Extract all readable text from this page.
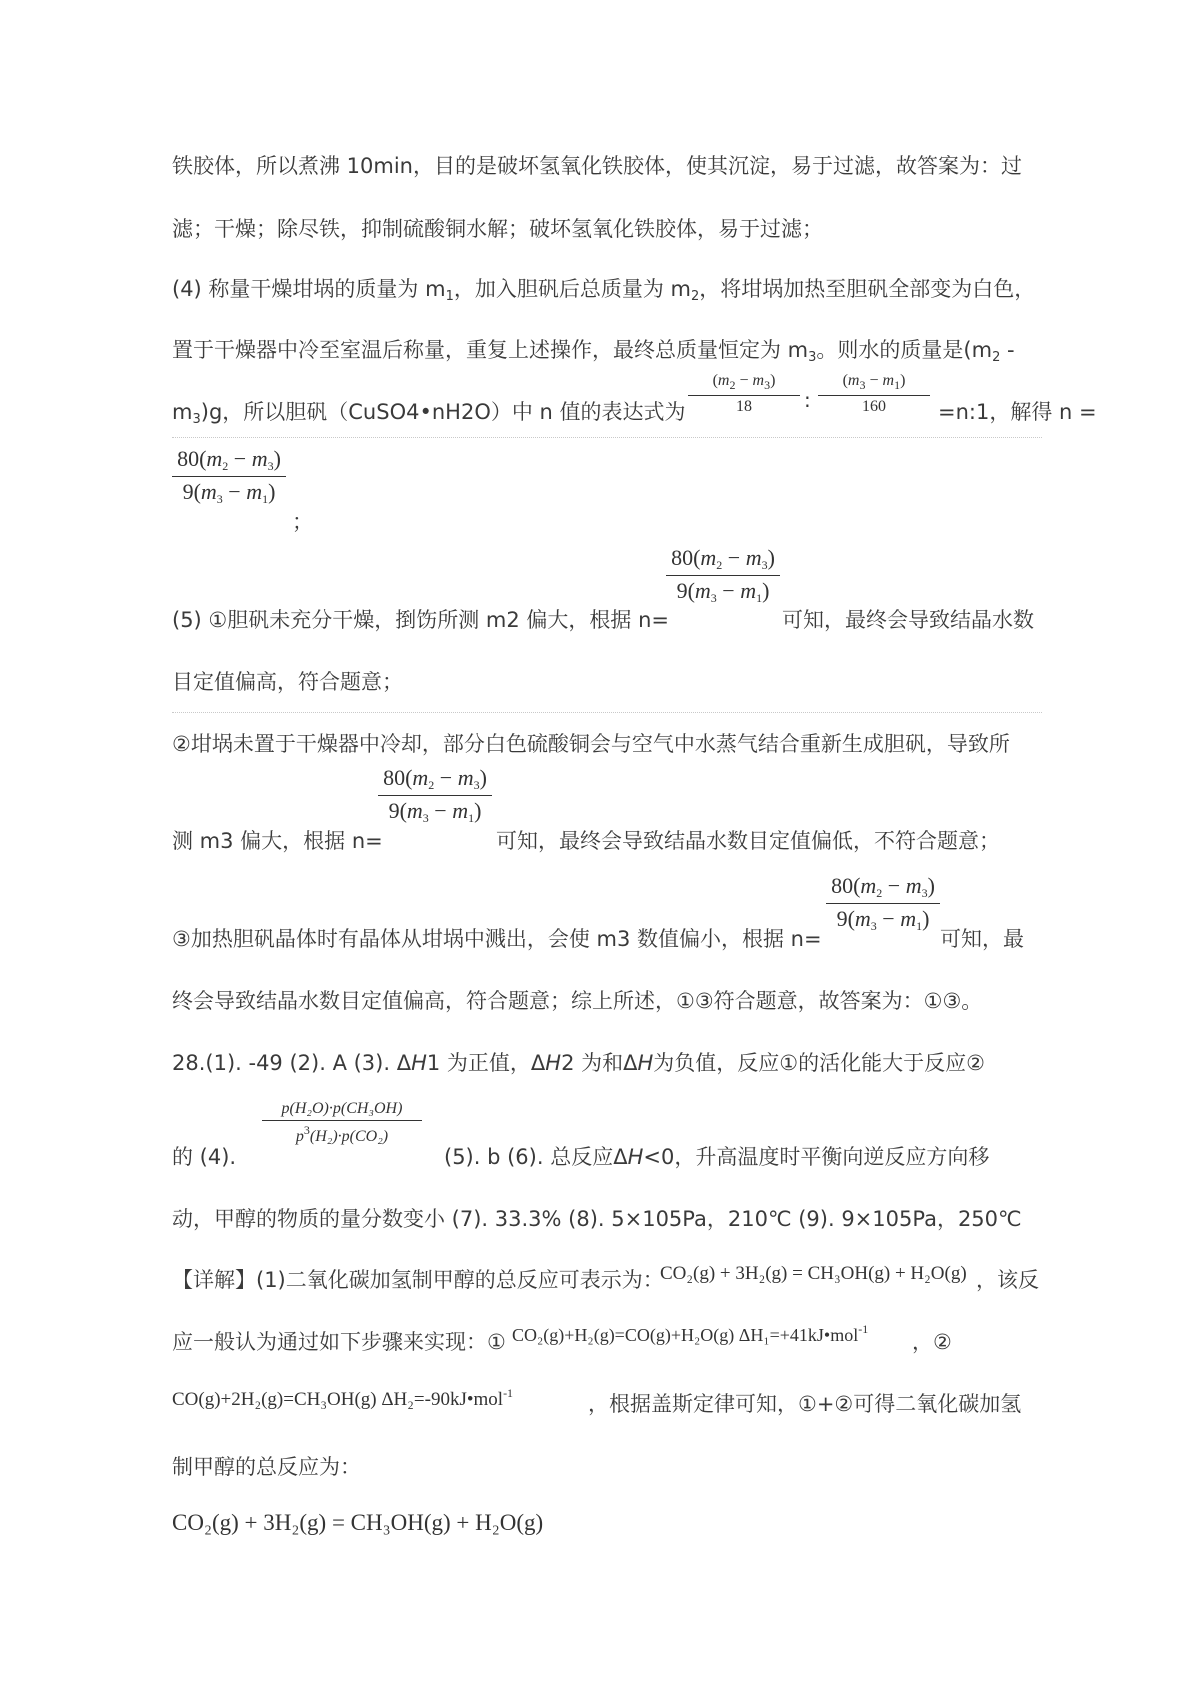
铁胶体，所以煮沸 10min，目的是破坏氢氧化铁胶体，使其沉淀，易于过滤，故答案为：过
滤；干燥；除尽铁，抑制硫酸铜水解；破坏氢氧化铁胶体，易于过滤；
(4) 称量干燥坩埚的质量为 $m_1$，加入胆矾后总质量为 $m_2$，将坩埚加热至胆矾全部变为白色，
置于干燥器中冷至室温后称量，重复上述操作，最终总质量恒定为 $m_3$。则水的质量是($m_2$ -
$m_3)g$，所以胆矾（CuSO4•nH2O）中 n 值的表达式为 $\frac{(m_2 - m_3)}{18}$ : $\frac{(m_3 - m_1)}{160}$ =n:1，解得 n =
$\frac{80(m2 - m3)}{9(m3 - m1)}$
；
$\frac{80(m2 - m3)}{9(m3 - m1)}$
(5) ①胆矾未充分干燥，捯饬所测 m2 偏大，根据 n=	可知，最终会导致结晶水数
目定值偏高，符合题意；
②坩埚未置于干燥器中冷却，部分白色硫酸铜会与空气中水蒸气结合重新生成胆矾，导致所
$\frac{80(m2 - m3)}{9(m3 - m1)}$
测 m3 偏大，根据 n=	可知，最终会导致结晶水数目定值偏低，不符合题意；
$\frac{80(m2 - m3)}{9(m3 - m1)}$
③加热胆矾晶体时有晶体从坩埚中溅出，会使 m3 数值偏小，根据 n=	可知，最
终会导致结晶水数目定值偏高，符合题意；综上所述，①③符合题意，故答案为：①③。
28.(1). -49 (2). A (3). ΔH1 为正值，ΔH2 为和ΔH为负值，反应①的活化能大于反应②
$\frac{\text{p(H₂O)·p(CH₃OH)}}{p^3(H_2)\cdot p(CO_2)}$
的 (4).	(5). b (6). 总反应ΔH<0，升高温度时平衡向逆反应方向移
动，甲醇的物质的量分数变小 (7). 33.3% (8). 5×105Pa，210℃ (9). 9×105Pa，250℃
【详解】(1)二氧化碳加氢制甲醇的总反应可表示为：
CO₂(g) + 3H₂(g) = CH₃OH(g) + H₂O(g) ，该反
应一般认为通过如下步骤来实现：① CO₂(g)+H₂(g)=CO(g)+H₂O(g) ΔH₁=+41kJ•mol$^{-1}$
，②
CO(g)+2H₂(g)=CH₃OH(g) ΔH₂=-90kJ•mol$^{-1}$	，根据盖斯定律可知，①+②可得二氧化碳加氢
制甲醇的总反应为：
CO₂(g) + 3H₂(g) = CH₃OH(g) + H₂O(g)
